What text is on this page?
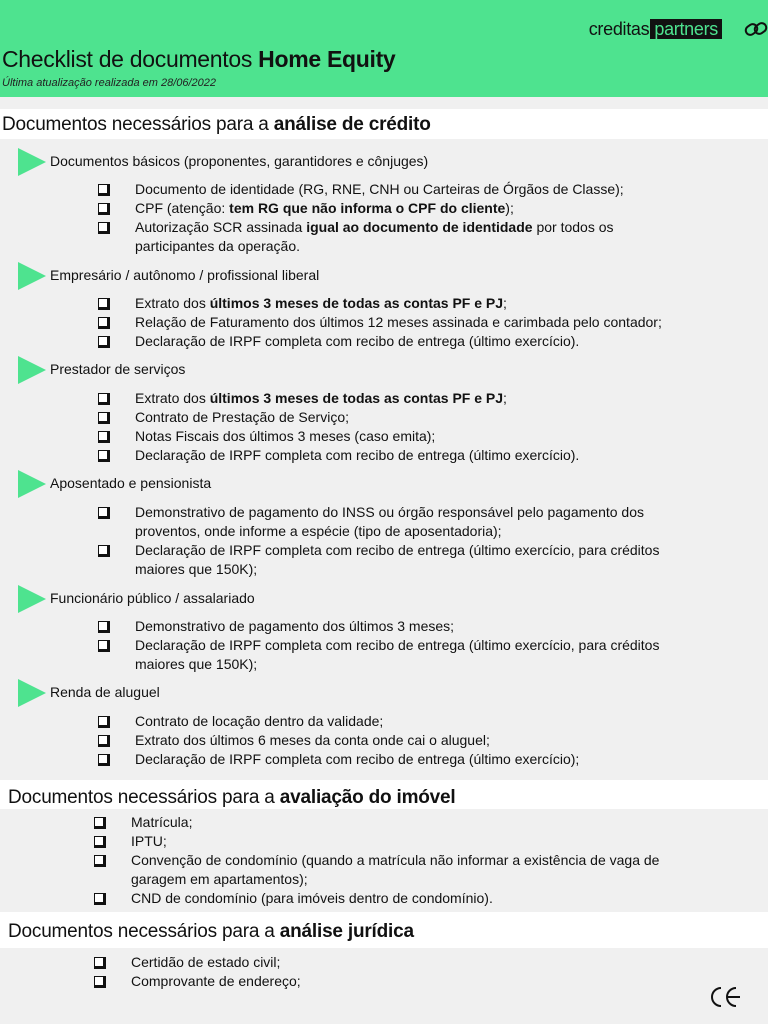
creditas partners
Checklist de documentos Home Equity
Última atualização realizada em 28/06/2022
Documentos necessários para a análise de crédito
Documentos básicos (proponentes, garantidores e cônjuges)
Documento de identidade (RG, RNE, CNH ou Carteiras de Órgãos de Classe);
CPF (atenção: tem RG que não informa o CPF do cliente);
Autorização SCR assinada igual ao documento de identidade por todos os
participantes da operação.
Empresário / autônomo / profissional liberal
Extrato dos últimos 3 meses de todas as contas PF e PJ;
Relação de Faturamento dos últimos 12 meses assinada e carimbada pelo contador;
Declaração de IRPF completa com recibo de entrega (último exercício).
Prestador de serviços
Extrato dos últimos 3 meses de todas as contas PF e PJ;
Contrato de Prestação de Serviço;
Notas Fiscais dos últimos 3 meses (caso emita);
Declaração de IRPF completa com recibo de entrega (último exercício).
Aposentado e pensionista
Demonstrativo de pagamento do INSS ou órgão responsável pelo pagamento dos
proventos, onde informe a espécie (tipo de aposentadoria);
Declaração de IRPF completa com recibo de entrega (último exercício, para créditos
maiores que 150K);
Funcionário público / assalariado
Demonstrativo de pagamento dos últimos 3 meses;
Declaração de IRPF completa com recibo de entrega (último exercício, para créditos
maiores que 150K);
Renda de aluguel
Contrato de locação dentro da validade;
Extrato dos últimos 6 meses da conta onde cai o aluguel;
Declaração de IRPF completa com recibo de entrega (último exercício);
Documentos necessários para a avaliação do imóvel
Matrícula;
IPTU;
Convenção de condomínio (quando a matrícula não informar a existência de vaga de
garagem em apartamentos);
CND de condomínio (para imóveis dentro de condomínio).
Documentos necessários para a análise jurídica
Certidão de estado civil;
Comprovante de endereço;
